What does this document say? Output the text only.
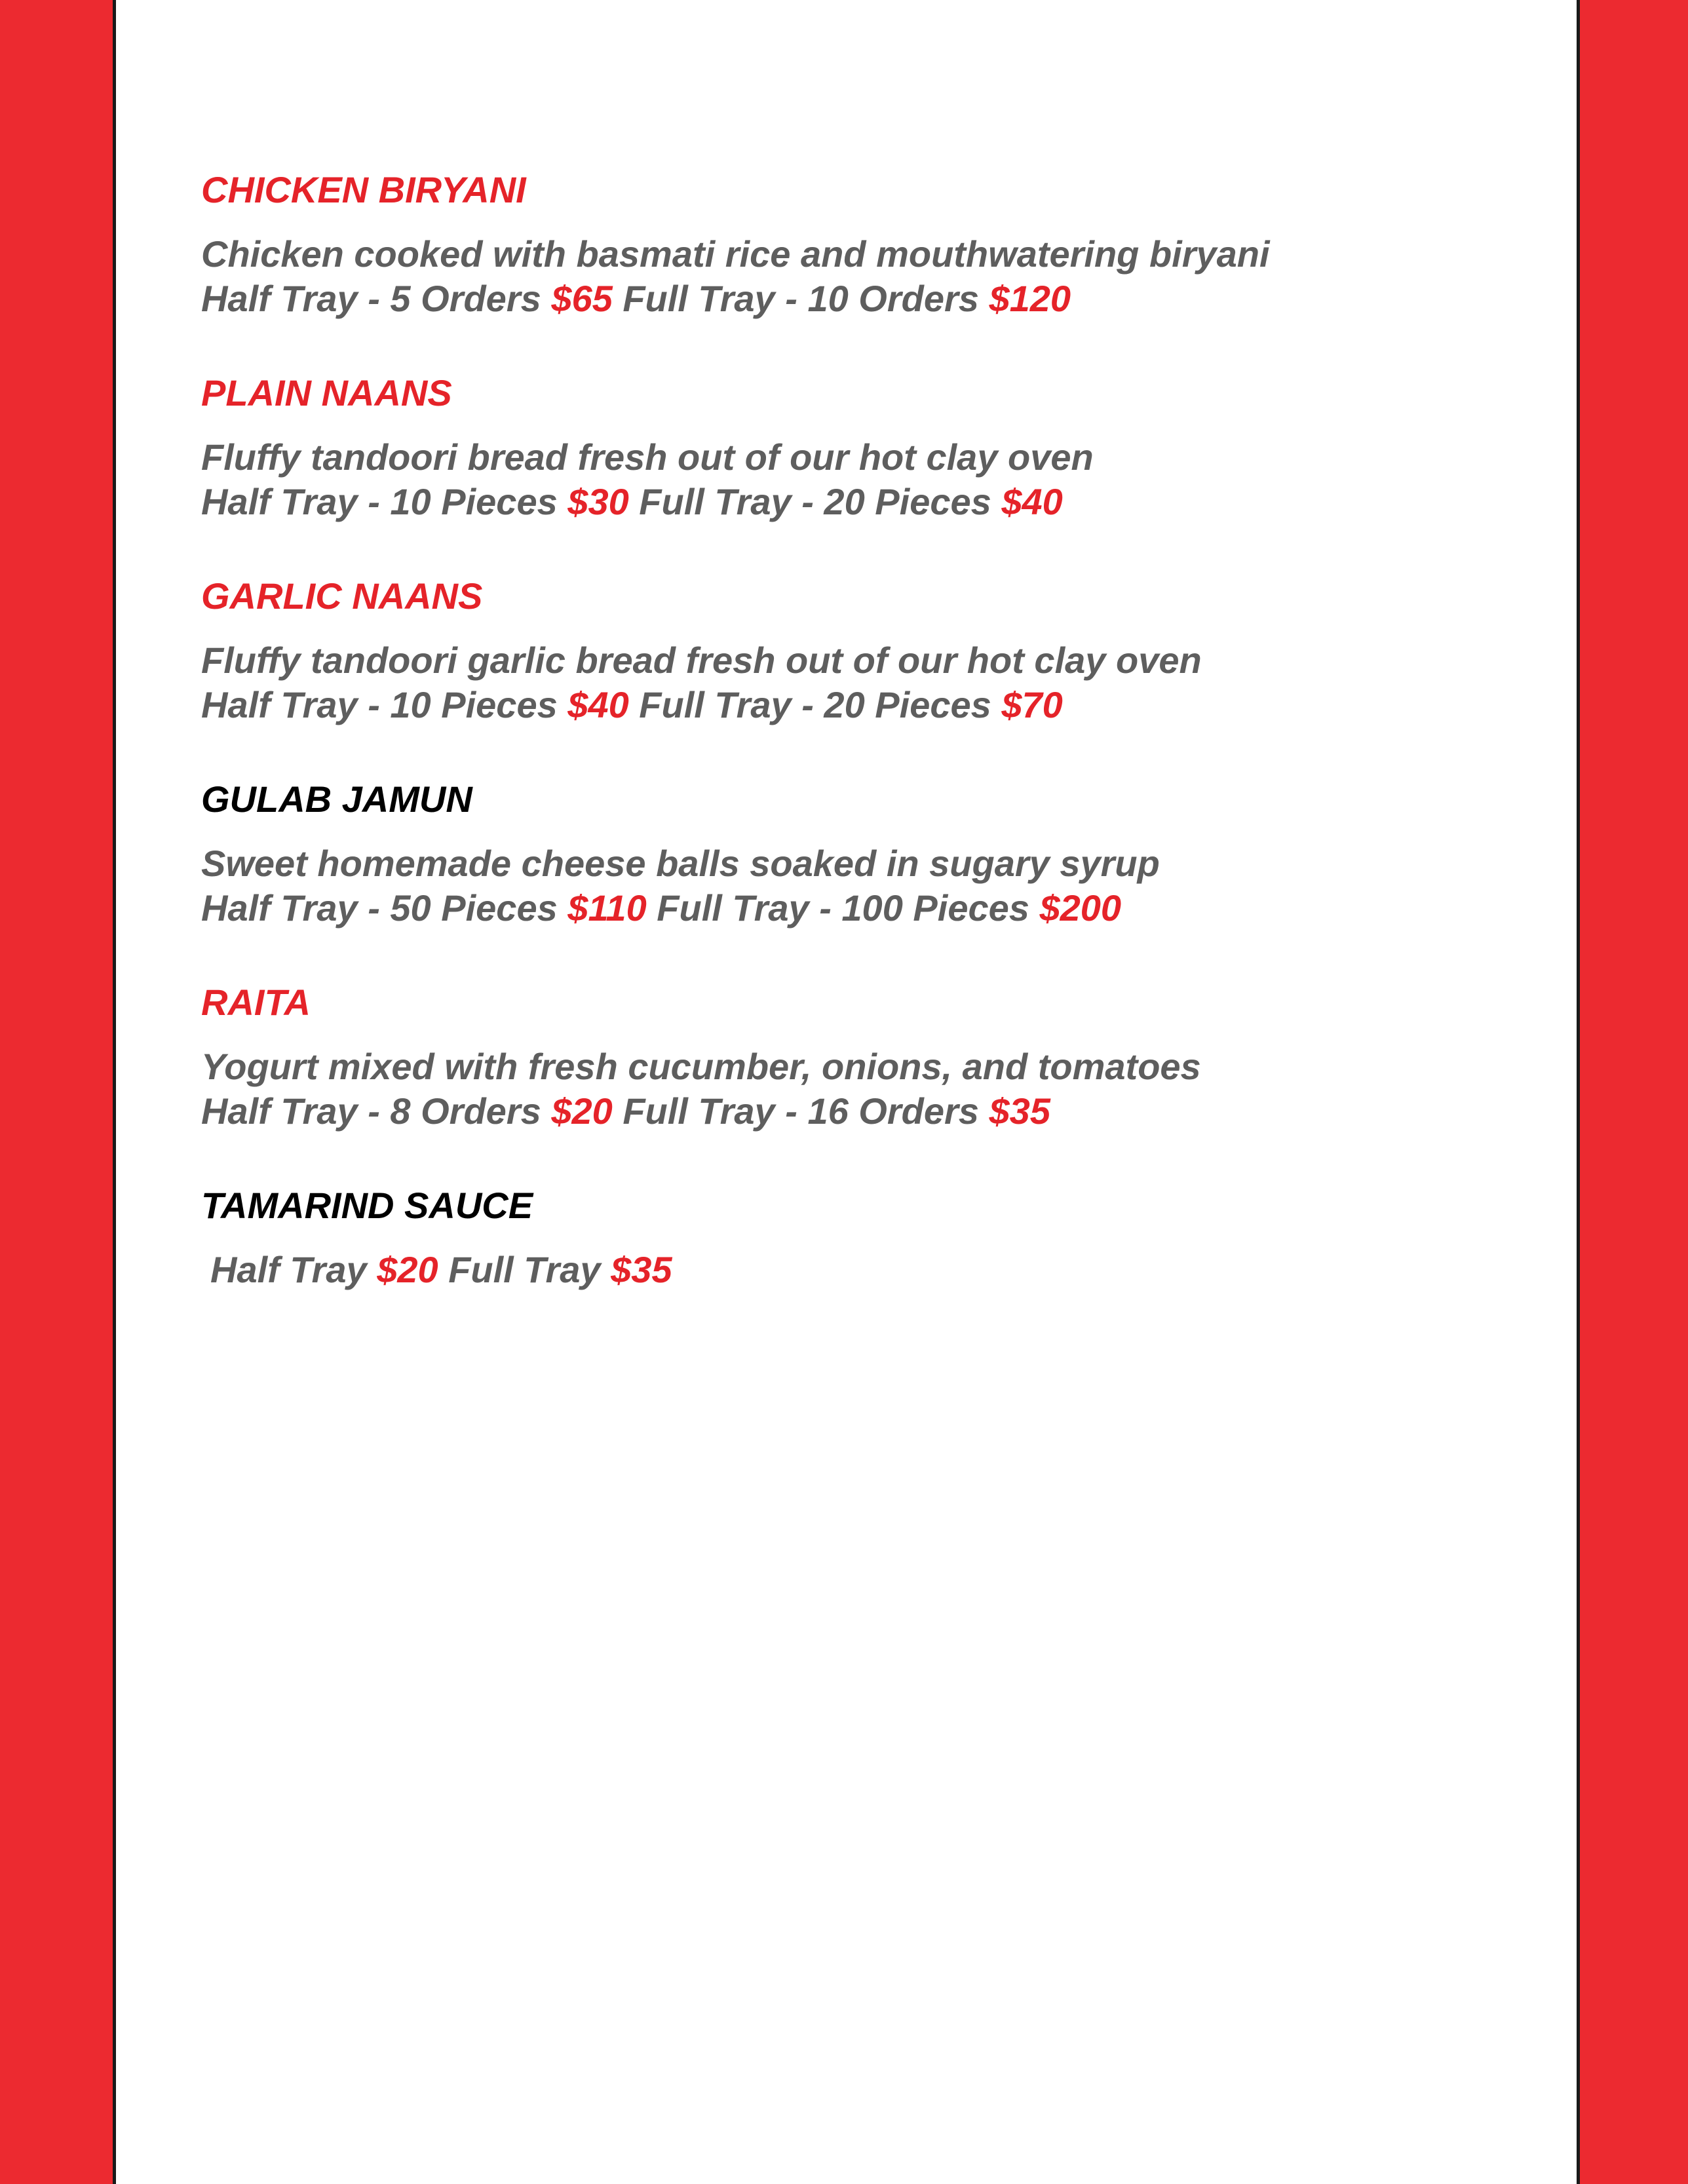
CHICKEN BIRYANI
Chicken cooked with basmati rice and mouthwatering biryani
Half Tray - 5 Orders $65 Full Tray - 10 Orders $120
PLAIN NAANS
Fluffy tandoori bread fresh out of our hot clay oven
Half Tray - 10 Pieces $30 Full Tray - 20 Pieces $40
GARLIC NAANS
Fluffy tandoori garlic bread fresh out of our hot clay oven
Half Tray - 10 Pieces $40 Full Tray - 20 Pieces $70
GULAB JAMUN
Sweet homemade cheese balls soaked in sugary syrup
Half Tray - 50 Pieces $110 Full Tray - 100 Pieces $200
RAITA
Yogurt mixed with fresh cucumber, onions, and tomatoes
Half Tray - 8 Orders $20 Full Tray - 16 Orders $35
TAMARIND SAUCE
Half Tray $20 Full Tray $35
